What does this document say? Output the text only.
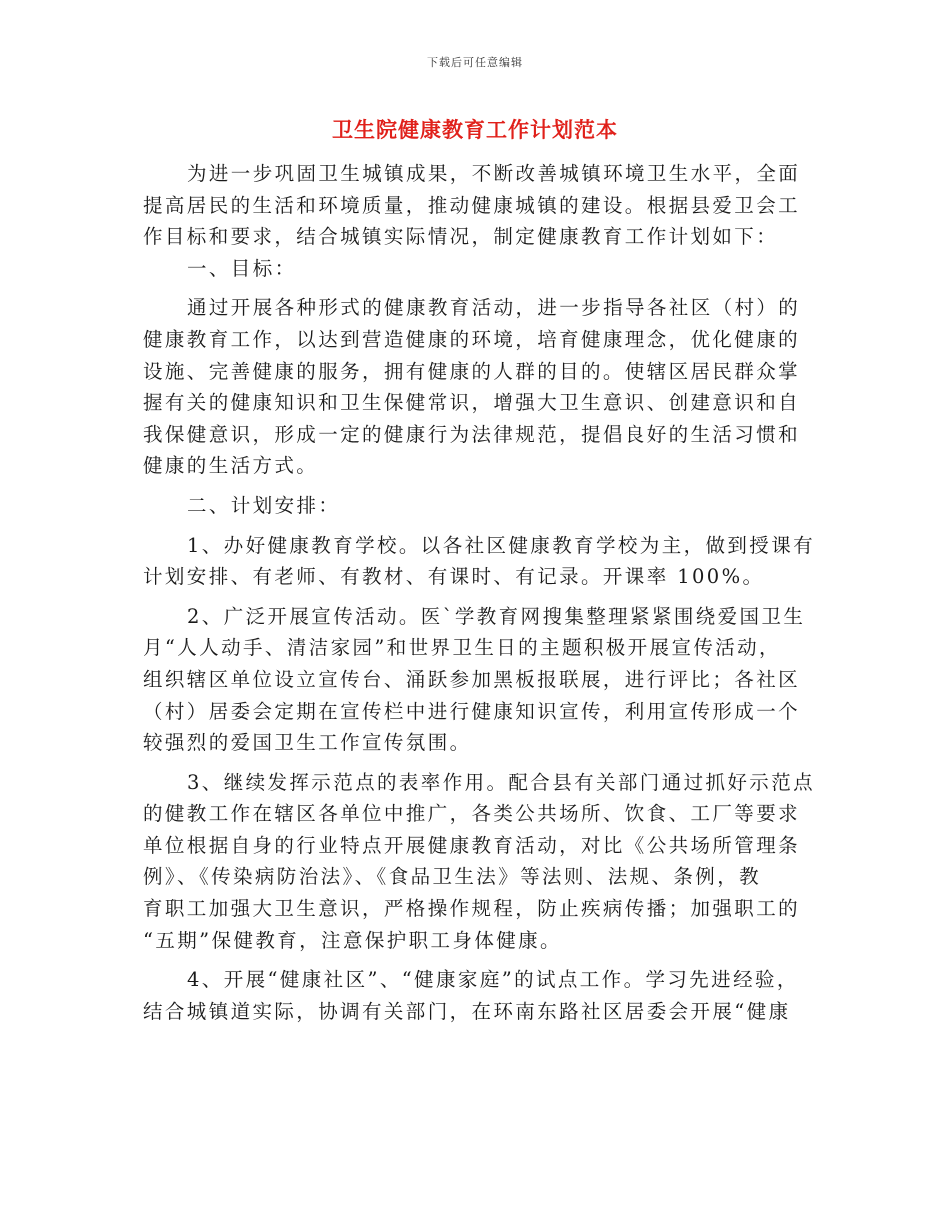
下载后可任意编辑
卫生院健康教育工作计划范本
为进一步巩固卫生城镇成果，不断改善城镇环境卫生水平，全面
提高居民的生活和环境质量，推动健康城镇的建设。根据县爱卫会工
作目标和要求，结合城镇实际情况，制定健康教育工作计划如下：
一、目标：
通过开展各种形式的健康教育活动，进一步指导各社区（村）的
健康教育工作，以达到营造健康的环境，培育健康理念，优化健康的
设施、完善健康的服务，拥有健康的人群的目的。使辖区居民群众掌
握有关的健康知识和卫生保健常识，增强大卫生意识、创建意识和自
我保健意识，形成一定的健康行为法律规范，提倡良好的生活习惯和
健康的生活方式。
二、计划安排：
1、办好健康教育学校。以各社区健康教育学校为主，做到授课有
计划安排、有老师、有教材、有课时、有记录。开课率 100%。
2、广泛开展宣传活动。医`学教育网搜集整理紧紧围绕爱国卫生
月“人人动手、清洁家园”和世界卫生日的主题积极开展宣传活动，
组织辖区单位设立宣传台、涌跃参加黑板报联展，进行评比；各社区
（村）居委会定期在宣传栏中进行健康知识宣传，利用宣传形成一个
较强烈的爱国卫生工作宣传氛围。
3、继续发挥示范点的表率作用。配合县有关部门通过抓好示范点
的健教工作在辖区各单位中推广，各类公共场所、饮食、工厂等要求
单位根据自身的行业特点开展健康教育活动，对比《公共场所管理条
例》、《传染病防治法》、《食品卫生法》等法则、法规、条例，教
育职工加强大卫生意识，严格操作规程，防止疾病传播；加强职工的
“五期”保健教育，注意保护职工身体健康。
4、开展“健康社区”、“健康家庭”的试点工作。学习先进经验，
结合城镇道实际，协调有关部门，在环南东路社区居委会开展“健康
